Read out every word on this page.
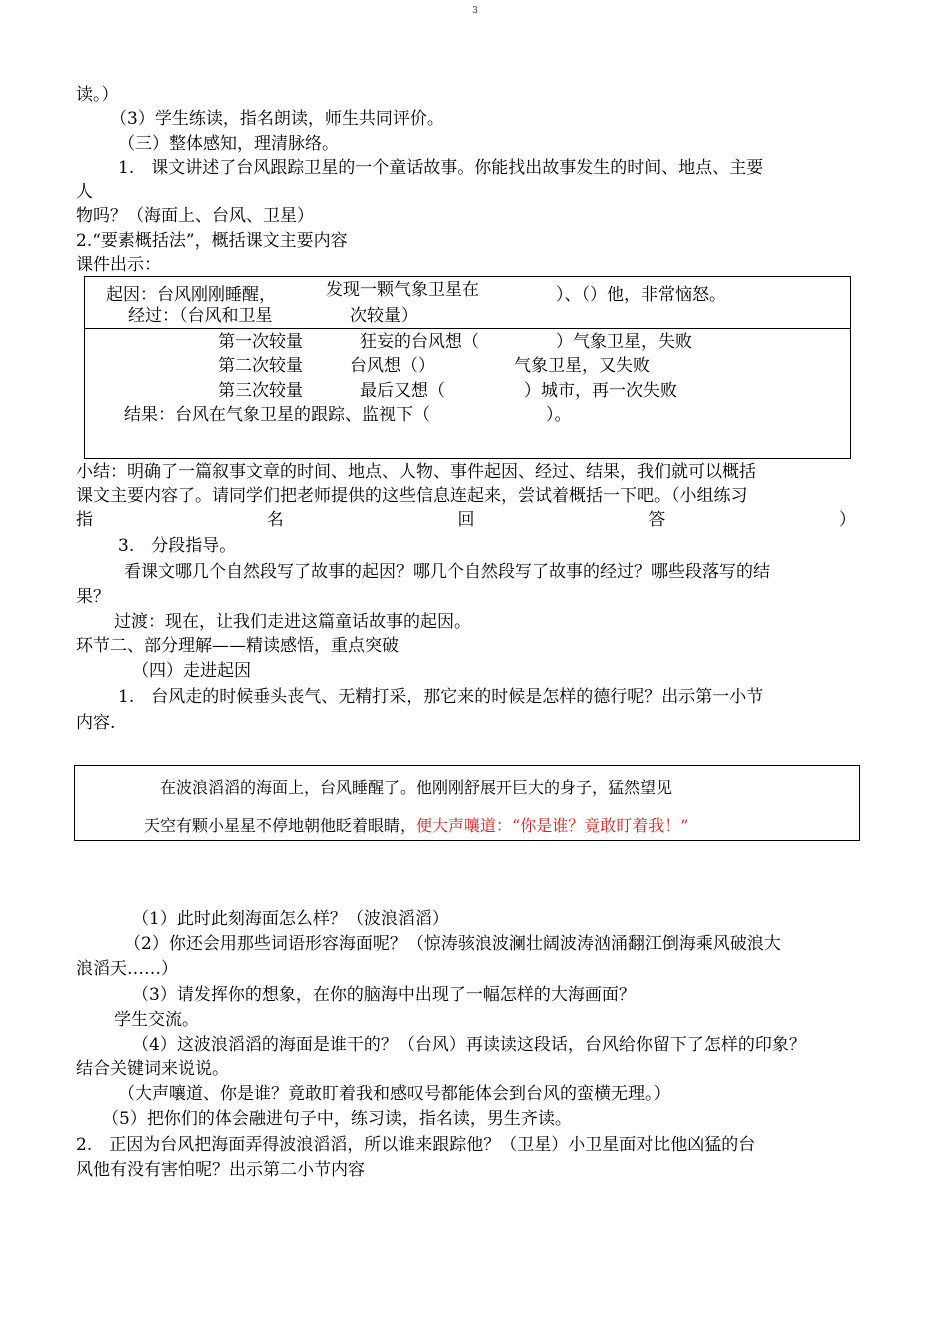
3
读。）
（3）学生练读，指名朗读，师生共同评价。
（三）整体感知，理清脉络。
1.　课文讲述了台风跟踪卫星的一个童话故事。你能找出故事发生的时间、地点、主要
人
物吗？（海面上、台风、卫星）
2.“要素概括法”，概括课文主要内容
课件出示：
起因：台风刚刚睡醒，	发现一颗气象卫星在	）、（）他，非常恼怒。
经过：（台风和卫星	次较量）
第一次较量	狂妄的台风想（	）气象卫星，失败
第二次较量	台风想（）	气象卫星，又失败
第三次较量	最后又想（	）城市，再一次失败
结果：台风在气象卫星的跟踪、监视下（	）。
小结：明确了一篇叙事文章的时间、地点、人物、事件起因、经过、结果，我们就可以概括
课文主要内容了。请同学们把老师提供的这些信息连起来，尝试着概括一下吧。（小组练习
指	名	回	答	）
3.　分段指导。
看课文哪几个自然段写了故事的起因？哪几个自然段写了故事的经过？哪些段落写的结
果？
过渡：现在，让我们走进这篇童话故事的起因。
环节二、部分理解——精读感悟，重点突破
（四）走进起因
1.　台风走的时候垂头丧气、无精打采，那它来的时候是怎样的德行呢？出示第一小节
内容.
在波浪滔滔的海面上，台风睡醒了。他刚刚舒展开巨大的身子，猛然望见
天空有颗小星星不停地朝他眨着眼睛，便大声嚷道：“你是谁？竟敢盯着我！”
（1）此时此刻海面怎么样？（波浪滔滔）
（2）你还会用那些词语形容海面呢？（惊涛骇浪波澜壮阔波涛汹涌翻江倒海乘风破浪大
浪滔天……）
（3）请发挥你的想象，在你的脑海中出现了一幅怎样的大海画面？
学生交流。
（4）这波浪滔滔的海面是谁干的？（台风）再读读这段话，台风给你留下了怎样的印象？
结合关键词来说说。
（大声嚷道、你是谁？竟敢盯着我和感叹号都能体会到台风的蛮横无理。）
（5）把你们的体会融进句子中，练习读，指名读，男生齐读。
2.　正因为台风把海面弄得波浪滔滔，所以谁来跟踪他？（卫星）小卫星面对比他凶猛的台
风他有没有害怕呢？出示第二小节内容
